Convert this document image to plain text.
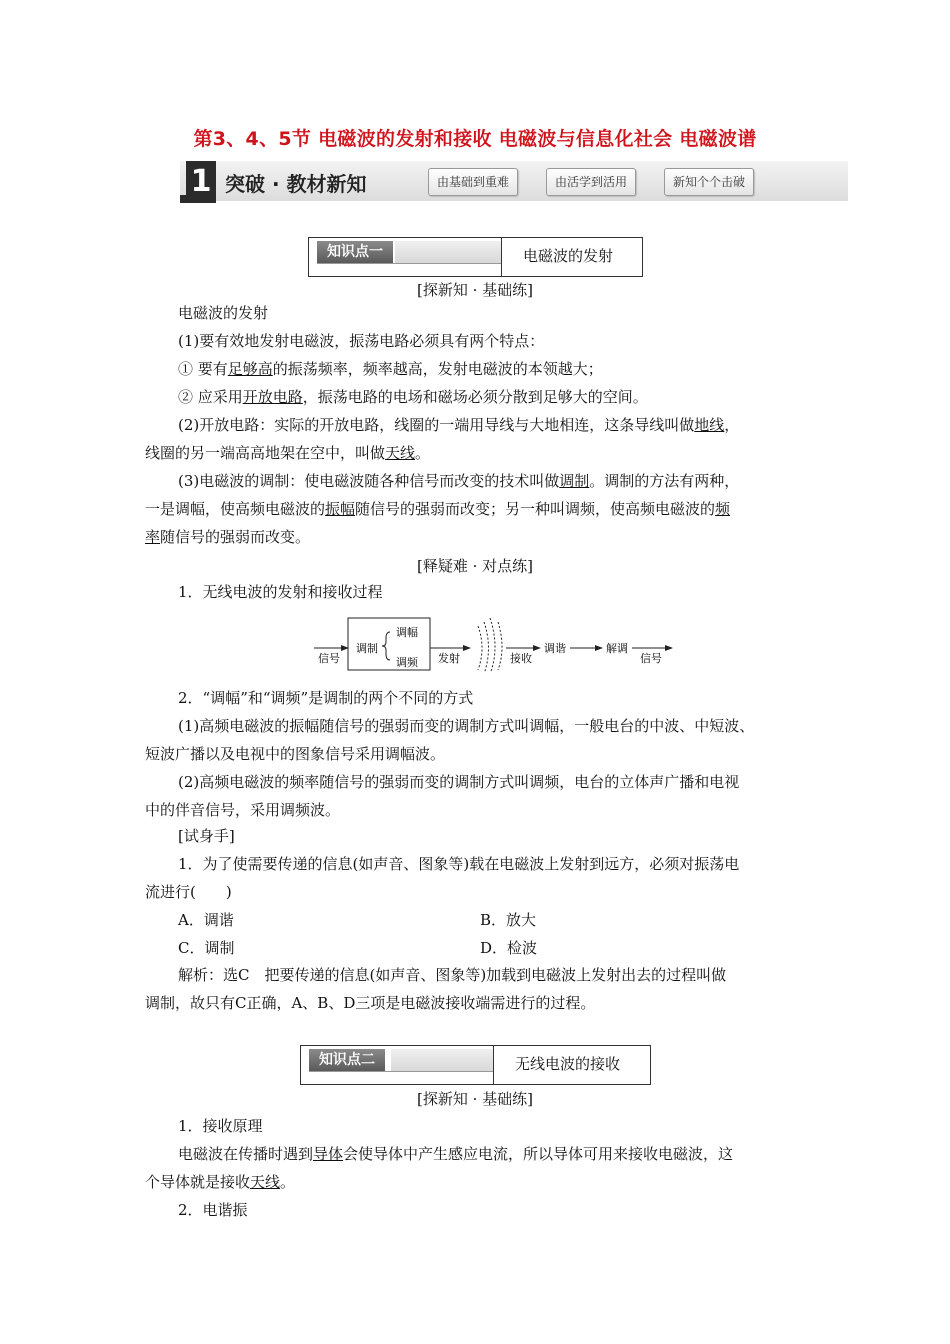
第3、4、5节 电磁波的发射和接收 电磁波与信息化社会 电磁波谱
1 突破 · 教材新知	由基础到重难	由活学到活用	新知个个击破
知识点一	电磁波的发射
[探新知 · 基础练]
电磁波的发射
(1)要有效地发射电磁波，振荡电路必须具有两个特点：
① 要有足够高的振荡频率，频率越高，发射电磁波的本领越大；
② 应采用开放电路，振荡电路的电场和磁场必须分散到足够大的空间。
(2)开放电路：实际的开放电路，线圈的一端用导线与大地相连，这条导线叫做地线，
线圈的另一端高高地架在空中，叫做天线。
(3)电磁波的调制：使电磁波随各种信号而改变的技术叫做调制。调制的方法有两种，
一是调幅，使高频电磁波的振幅随信号的强弱而改变；另一种叫调频，使高频电磁波的频
率随信号的强弱而改变。
[释疑难 · 对点练]
1．无线电波的发射和接收过程
信号
调制
调幅
调频 发射	接收
调谐	解调
信号
2．“调幅”和“调频”是调制的两个不同的方式
(1)高频电磁波的振幅随信号的强弱而变的调制方式叫调幅，一般电台的中波、中短波、
短波广播以及电视中的图象信号采用调幅波。
(2)高频电磁波的频率随信号的强弱而变的调制方式叫调频，电台的立体声广播和电视
中的伴音信号，采用调频波。
[试身手]
1．为了使需要传递的信息(如声音、图象等)载在电磁波上发射到远方，必须对振荡电
流进行(　　)
A．调谐	B．放大
C．调制	D．检波
解析：选C　把要传递的信息(如声音、图象等)加载到电磁波上发射出去的过程叫做
调制，故只有C正确，A、B、D三项是电磁波接收端需进行的过程。
知识点二	无线电波的接收
[探新知 · 基础练]
1．接收原理
电磁波在传播时遇到导体会使导体中产生感应电流，所以导体可用来接收电磁波，这
个导体就是接收天线。
2．电谐振
